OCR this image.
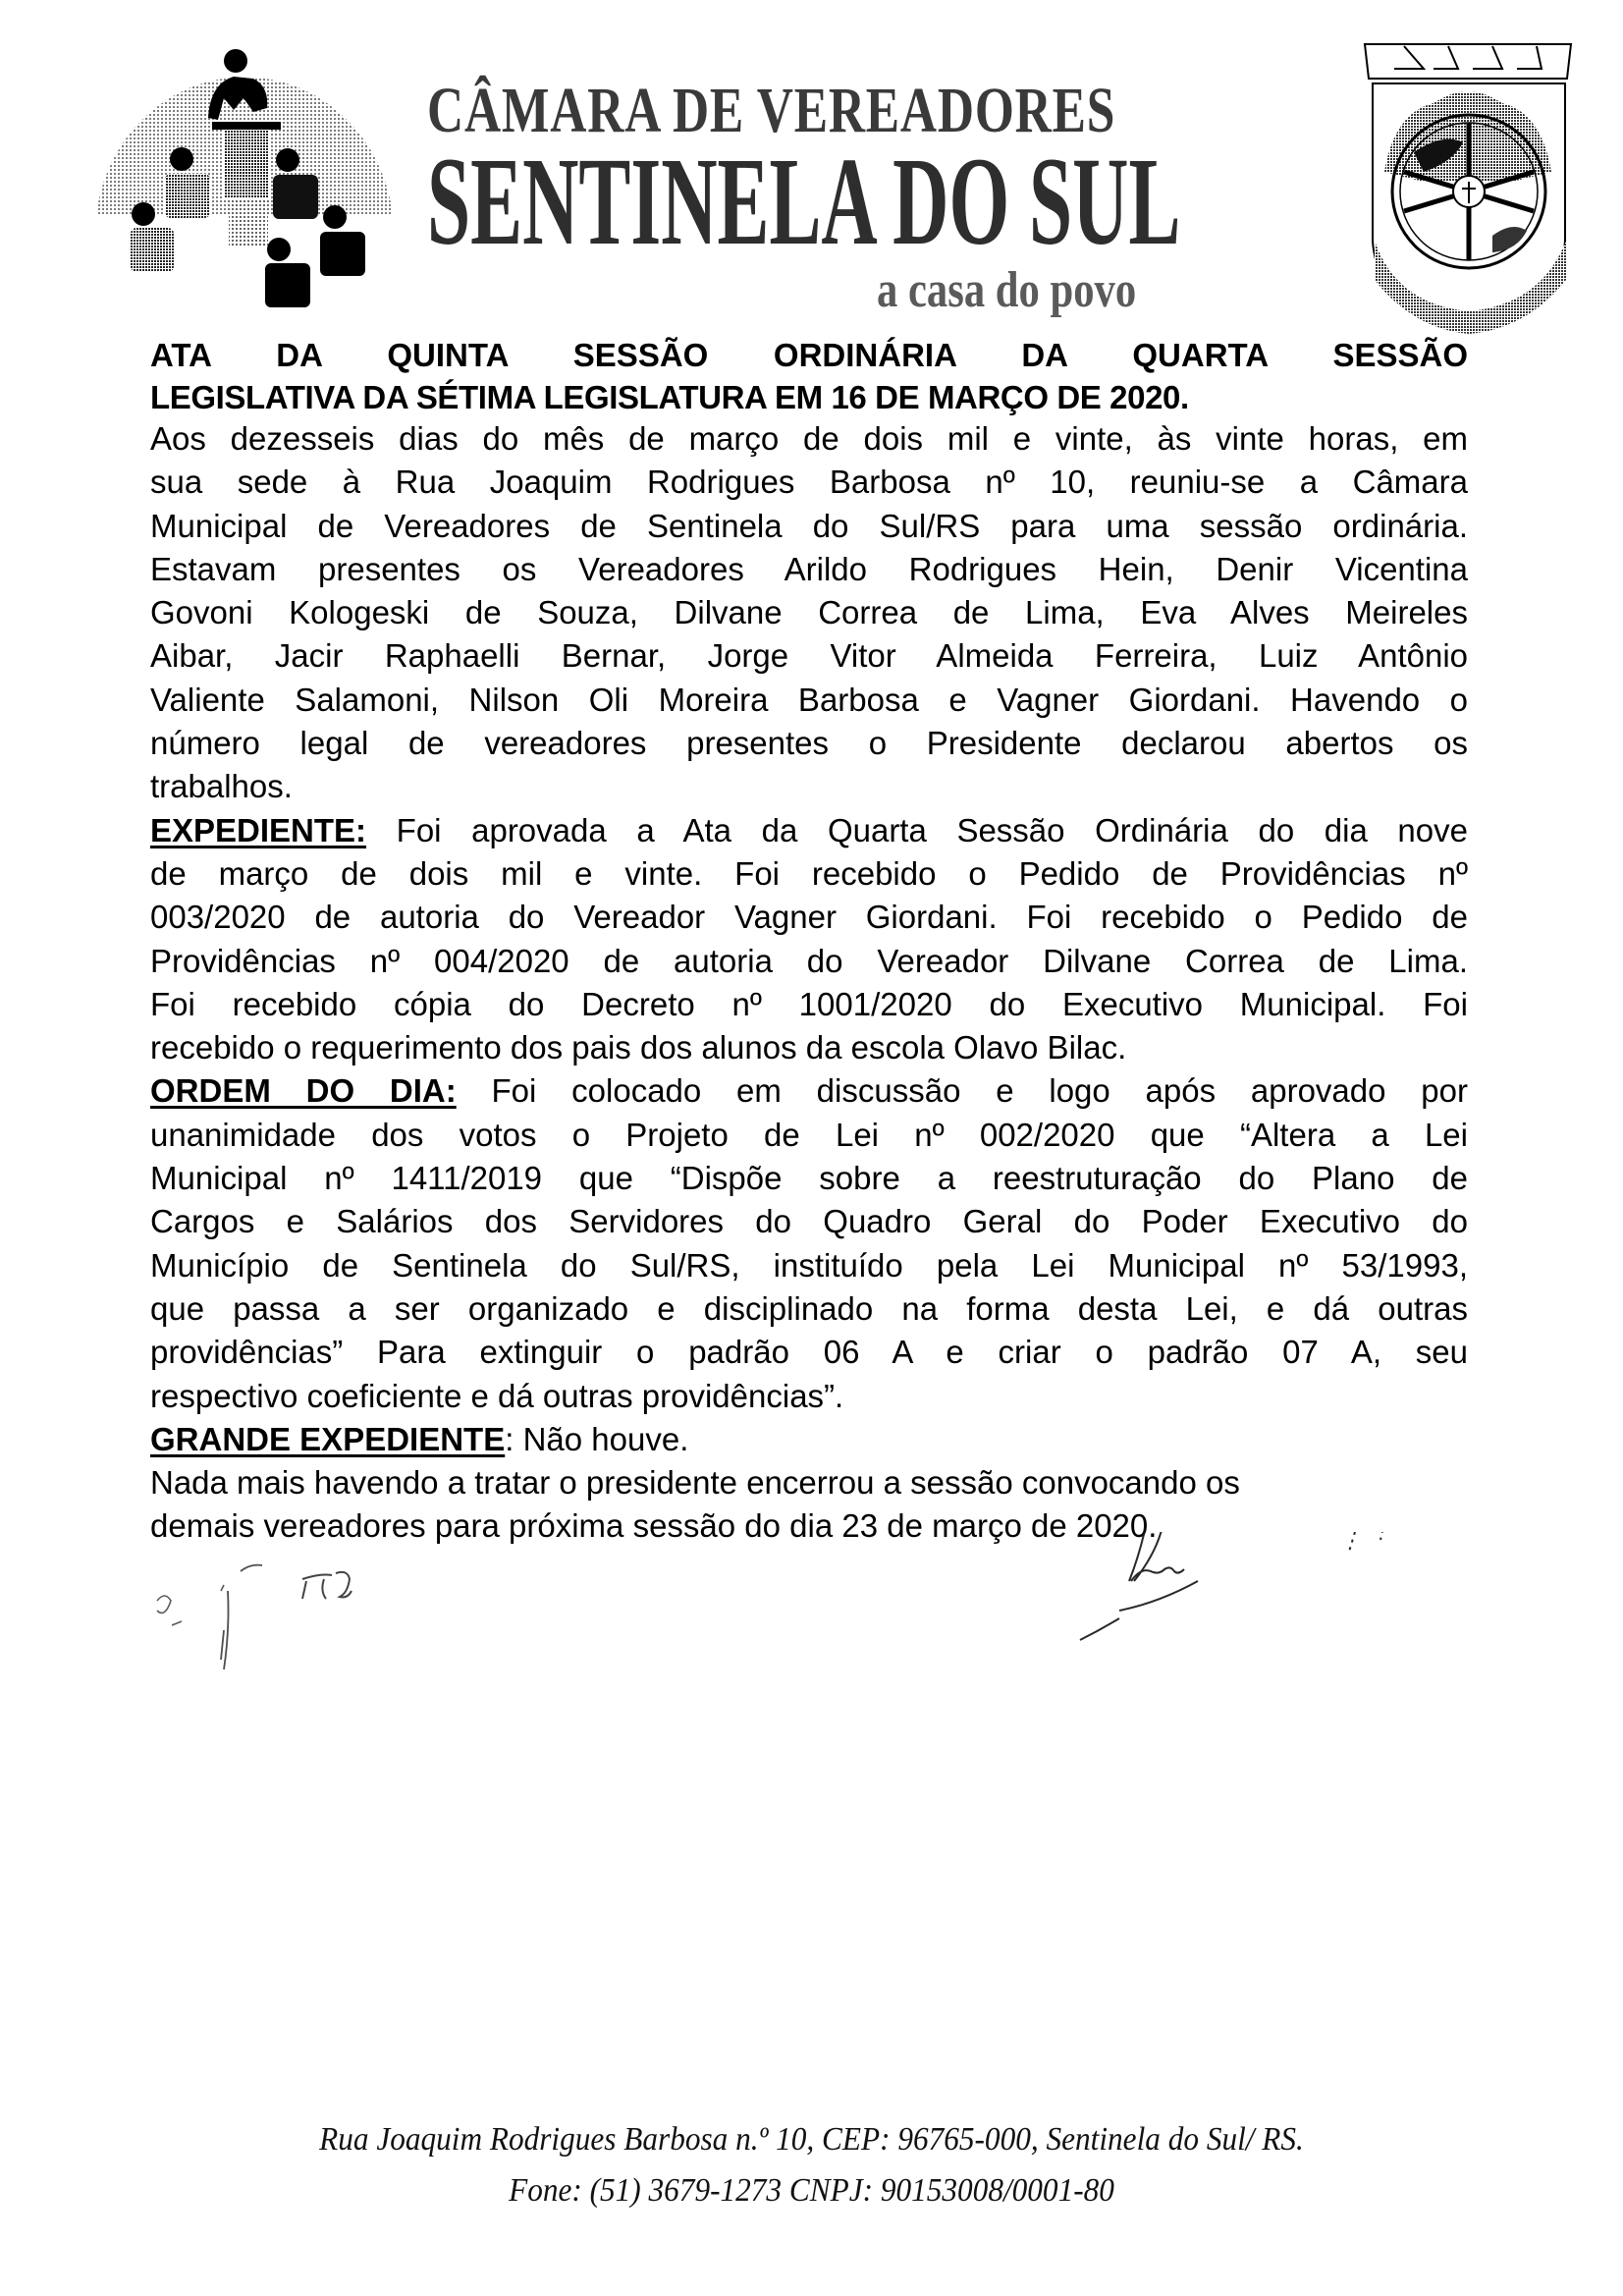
CÂMARA DE VEREADORES
SENTINELA DO SUL
a casa do povo
ATA DA QUINTA SESSÃO ORDINÁRIA DA QUARTA SESSÃO
LEGISLATIVA DA SÉTIMA LEGISLATURA EM 16 DE MARÇO DE 2020.

Aos dezesseis dias do mês de março de dois mil e vinte, às vinte horas, em
sua sede à Rua Joaquim Rodrigues Barbosa nº 10, reuniu-se a Câmara
Municipal de Vereadores de Sentinela do Sul/RS para uma sessão ordinária.
Estavam presentes os Vereadores Arildo Rodrigues Hein, Denir Vicentina
Govoni Kologeski de Souza, Dilvane Correa de Lima, Eva Alves Meireles
Aibar, Jacir Raphaelli Bernar, Jorge Vitor Almeida Ferreira, Luiz Antônio
Valiente Salamoni, Nilson Oli Moreira Barbosa e Vagner Giordani. Havendo o
número legal de vereadores presentes o Presidente declarou abertos os
trabalhos.

EXPEDIENTE: Foi aprovada a Ata da Quarta Sessão Ordinária do dia nove
de março de dois mil e vinte. Foi recebido o Pedido de Providências nº
003/2020 de autoria do Vereador Vagner Giordani. Foi recebido o Pedido de
Providências nº 004/2020 de autoria do Vereador Dilvane Correa de Lima.
Foi recebido cópia do Decreto nº 1001/2020 do Executivo Municipal. Foi
recebido o requerimento dos pais dos alunos da escola Olavo Bilac.

ORDEM DO DIA: Foi colocado em discussão e logo após aprovado por
unanimidade dos votos o Projeto de Lei nº 002/2020 que “Altera a Lei
Municipal nº 1411/2019 que “Dispõe sobre a reestruturação do Plano de
Cargos e Salários dos Servidores do Quadro Geral do Poder Executivo do
Município de Sentinela do Sul/RS, instituído pela Lei Municipal nº 53/1993,
que passa a ser organizado e disciplinado na forma desta Lei, e dá outras
providências” Para extinguir o padrão 06 A e criar o padrão 07 A, seu
respectivo coeficiente e dá outras providências”.

GRANDE EXPEDIENTE: Não houve.

Nada mais havendo a tratar o presidente encerrou a sessão convocando os
demais vereadores para próxima sessão do dia 23 de março de 2020.

Rua Joaquim Rodrigues Barbosa n.º 10, CEP: 96765-000, Sentinela do Sul/ RS.
Fone: (51) 3679-1273 CNPJ: 90153008/0001-80
